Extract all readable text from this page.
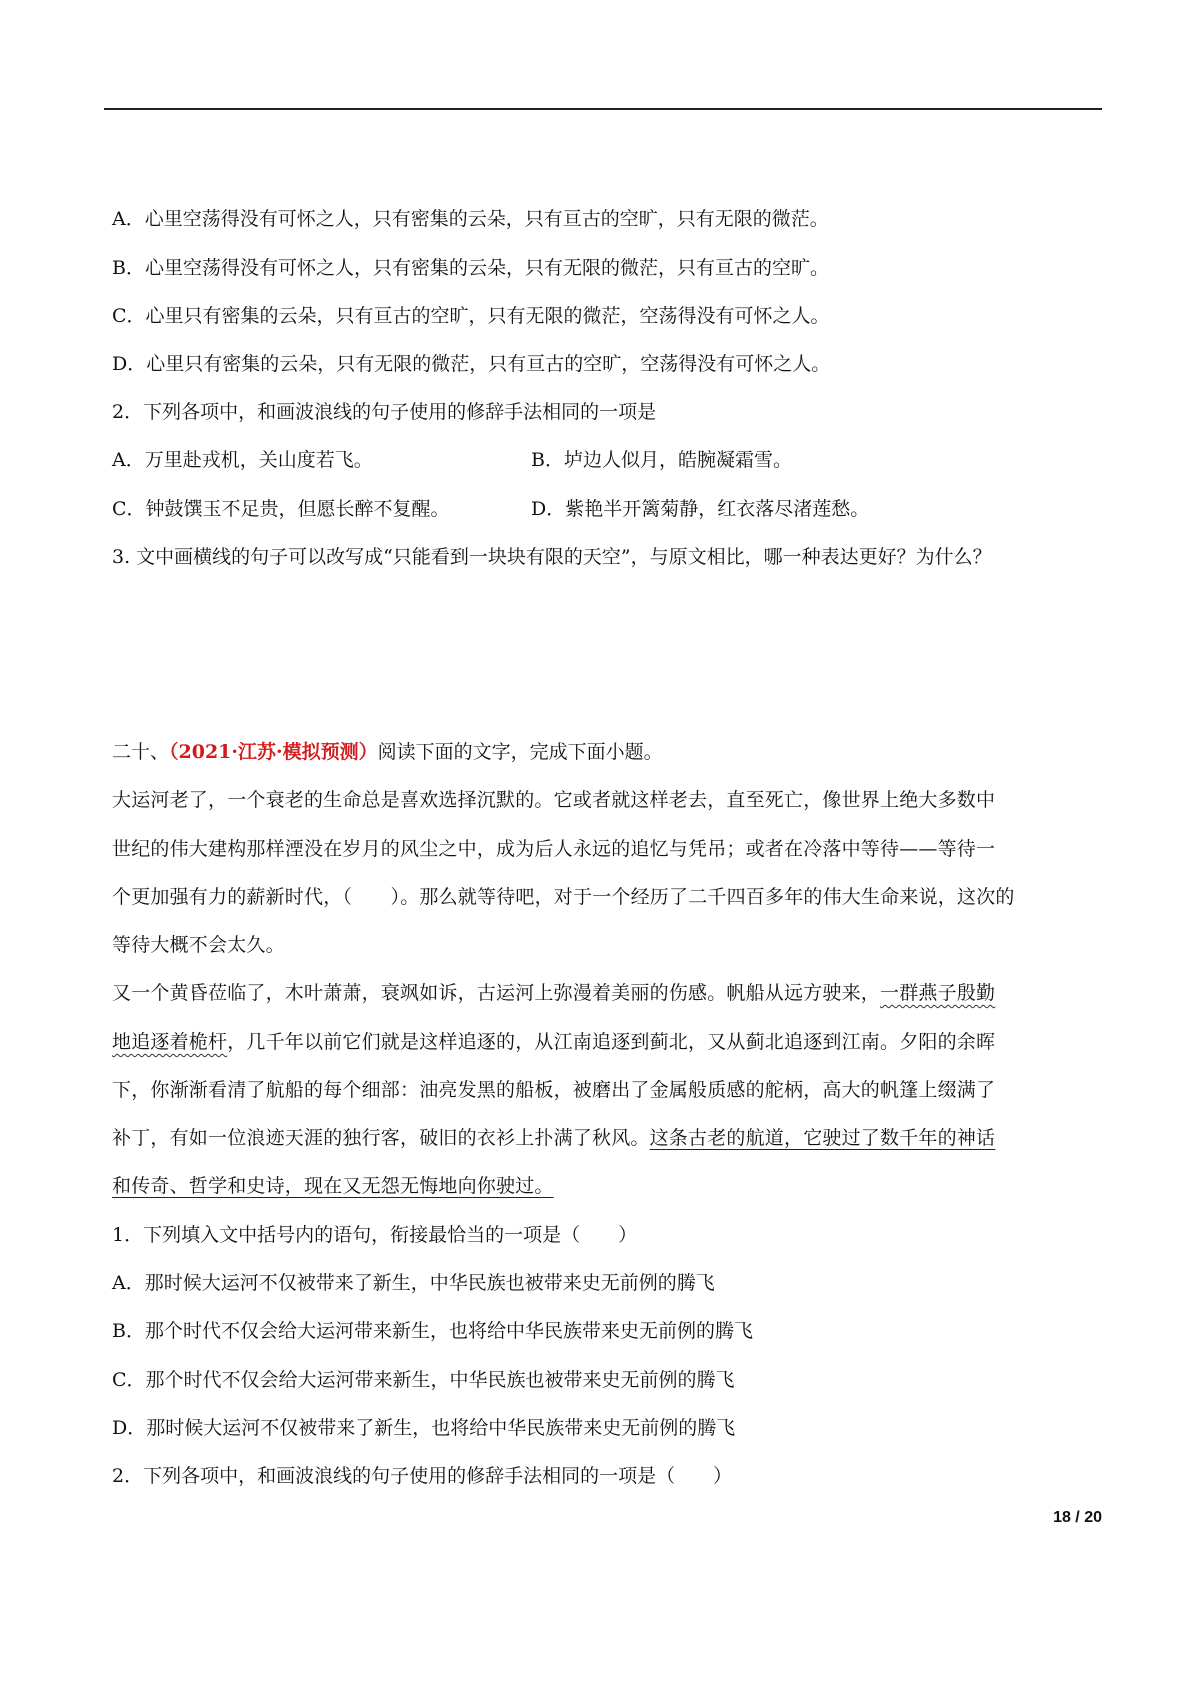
A．心里空荡得没有可怀之人，只有密集的云朵，只有亘古的空旷，只有无限的微茫。
B．心里空荡得没有可怀之人，只有密集的云朵，只有无限的微茫，只有亘古的空旷。
C．心里只有密集的云朵，只有亘古的空旷，只有无限的微茫，空荡得没有可怀之人。
D．心里只有密集的云朵，只有无限的微茫，只有亘古的空旷，空荡得没有可怀之人。
2．下列各项中，和画波浪线的句子使用的修辞手法相同的一项是
A．万里赴戎机，关山度若飞。	B．垆边人似月，皓腕凝霜雪。
C．钟鼓馔玉不足贵，但愿长醉不复醒。	D．紫艳半开篱菊静，红衣落尽渚莲愁。
3. 文中画横线的句子可以改写成“只能看到一块块有限的天空”，与原文相比，哪一种表达更好？为什么？
二十、（2021·江苏·模拟预测）阅读下面的文字，完成下面小题。
大运河老了，一个衰老的生命总是喜欢选择沉默的。它或者就这样老去，直至死亡，像世界上绝大多数中
世纪的伟大建构那样湮没在岁月的风尘之中，成为后人永远的追忆与凭吊；或者在冷落中等待——等待一
个更加强有力的薪新时代，（　　）。那么就等待吧，对于一个经历了二千四百多年的伟大生命来说，这次的
等待大概不会太久。
又一个黄昏莅临了，木叶萧萧，衰飒如诉，古运河上弥漫着美丽的伤感。帆船从远方驶来，一群燕子殷勤
地追逐着桅杆，几千年以前它们就是这样追逐的，从江南追逐到蓟北，又从蓟北追逐到江南。夕阳的余晖
下，你渐渐看清了航船的每个细部：油亮发黑的船板，被磨出了金属般质感的舵柄，高大的帆篷上缀满了
补丁，有如一位浪迹天涯的独行客，破旧的衣衫上扑满了秋风。这条古老的航道，它驶过了数千年的神话
和传奇、哲学和史诗，现在又无怨无悔地向你驶过。
1．下列填入文中括号内的语句，衔接最恰当的一项是（　　）
A．那时候大运河不仅被带来了新生，中华民族也被带来史无前例的腾飞
B．那个时代不仅会给大运河带来新生，也将给中华民族带来史无前例的腾飞
C．那个时代不仅会给大运河带来新生，中华民族也被带来史无前例的腾飞
D．那时候大运河不仅被带来了新生，也将给中华民族带来史无前例的腾飞
2．下列各项中，和画波浪线的句子使用的修辞手法相同的一项是（　　）
18 / 20
